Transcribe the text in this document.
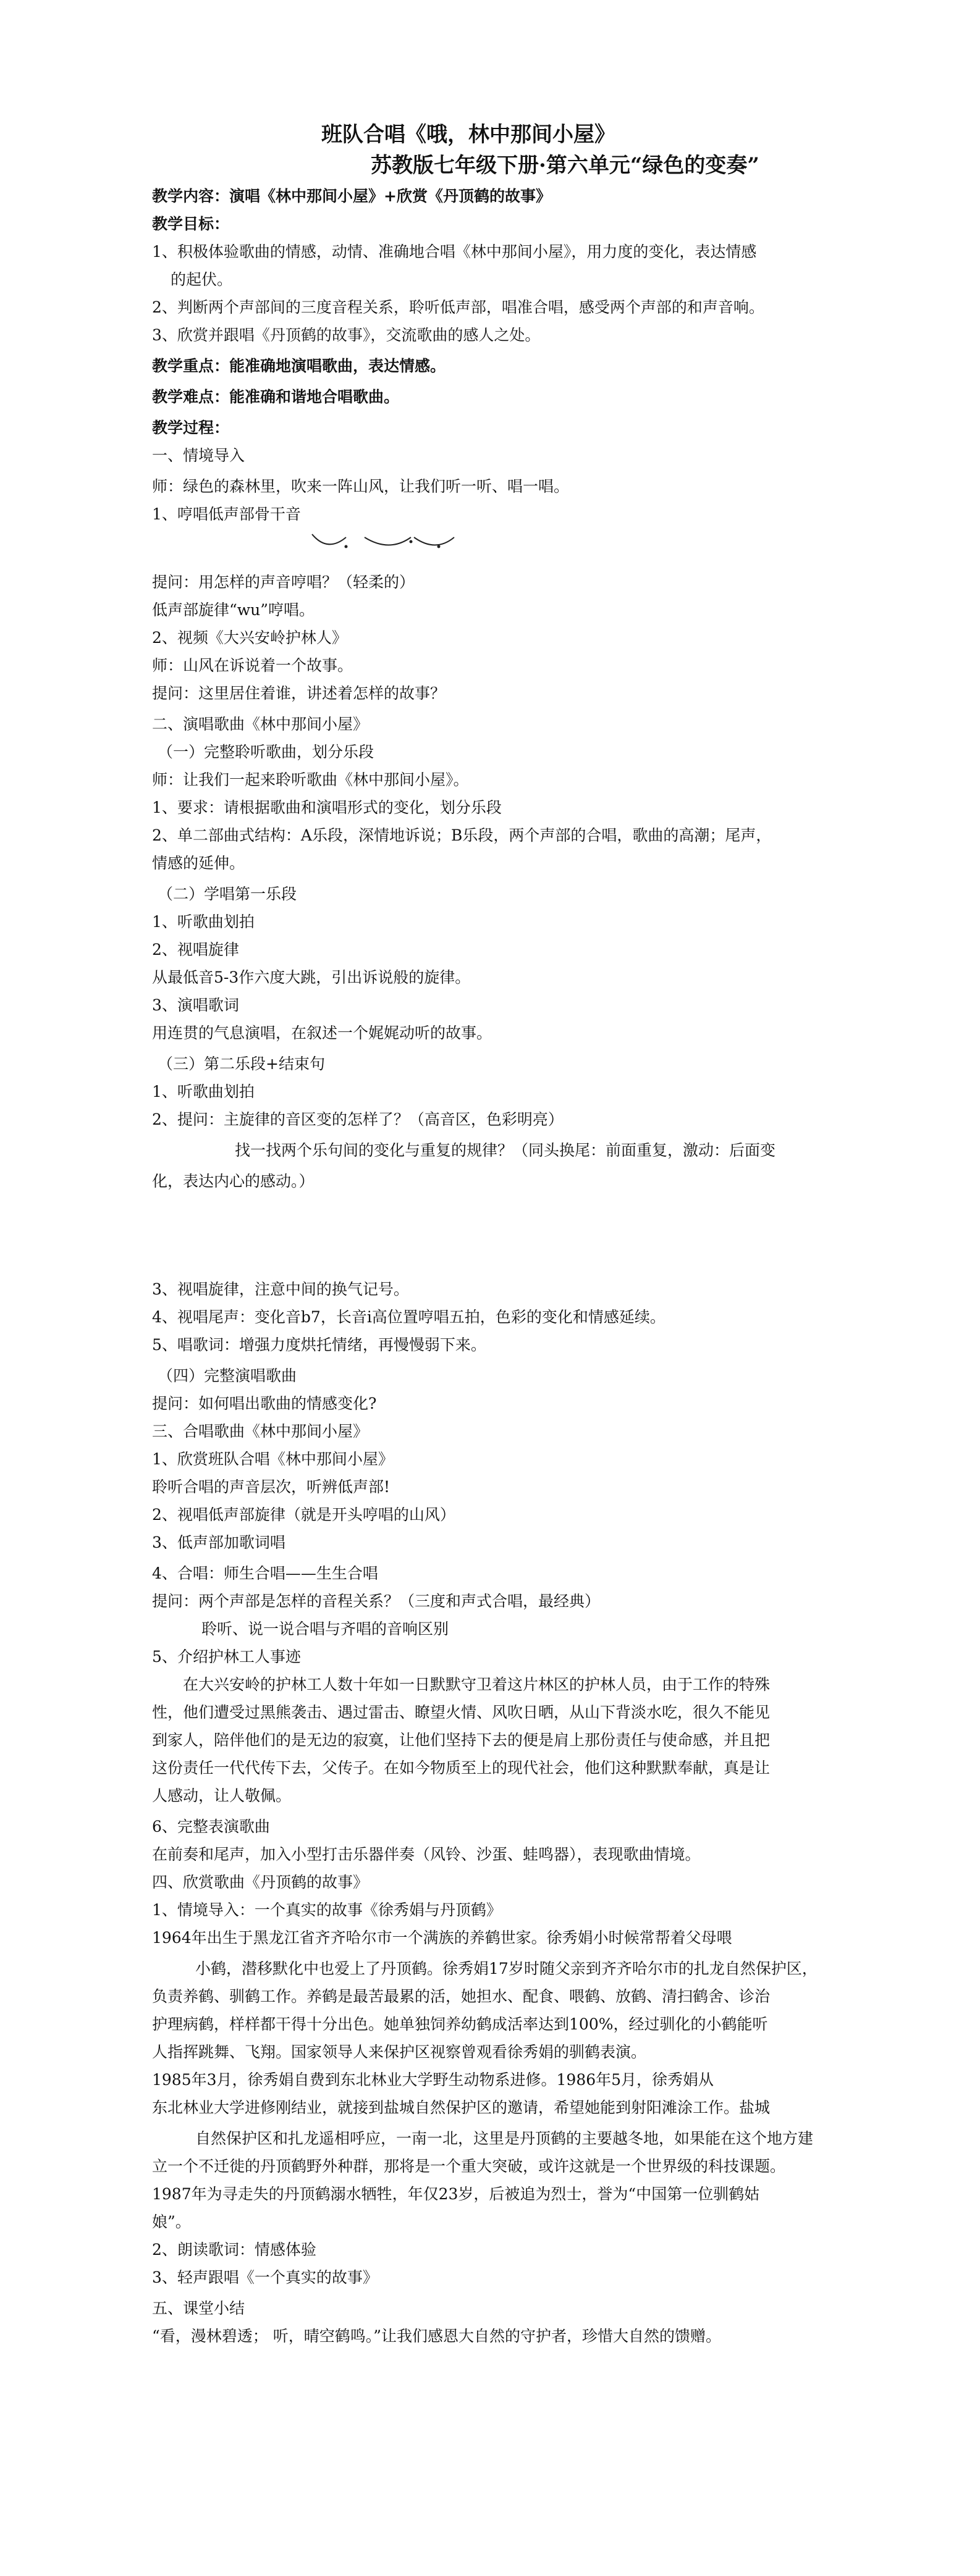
班队合唱《哦，林中那间小屋》
苏教版七年级下册·第六单元“绿色的变奏”
教学内容：演唱《林中那间小屋》+欣赏《丹顶鹤的故事》
教学目标：
1、积极体验歌曲的情感，动情、准确地合唱《林中那间小屋》，用力度的变化，表达情感
的起伏。
2、判断两个声部间的三度音程关系，聆听低声部，唱准合唱，感受两个声部的和声音响。
3、欣赏并跟唱《丹顶鹤的故事》，交流歌曲的感人之处。
教学重点：能准确地演唱歌曲，表达情感。
教学难点：能准确和谐地合唱歌曲。
教学过程：
一、情境导入
师：绿色的森林里，吹来一阵山风，让我们听一听、唱一唱。
1、哼唱低声部骨干音
提问：用怎样的声音哼唱？（轻柔的）
低声部旋律“wu”哼唱。
2、视频《大兴安岭护林人》
师：山风在诉说着一个故事。
提问：这里居住着谁，讲述着怎样的故事？
二、演唱歌曲《林中那间小屋》
（一）完整聆听歌曲，划分乐段
师：让我们一起来聆听歌曲《林中那间小屋》。
1、要求：请根据歌曲和演唱形式的变化，划分乐段
2、单二部曲式结构：A乐段，深情地诉说；B乐段，两个声部的合唱，歌曲的高潮；尾声，
情感的延伸。
（二）学唱第一乐段
1、听歌曲划拍
2、视唱旋律
从最低音5-3作六度大跳，引出诉说般的旋律。
3、演唱歌词
用连贯的气息演唱，在叙述一个娓娓动听的故事。
（三）第二乐段+结束句
1、听歌曲划拍
2、提问：主旋律的音区变的怎样了？（高音区，色彩明亮）
找一找两个乐句间的变化与重复的规律？（同头换尾：前面重复，激动：后面变
化，表达内心的感动。）
3、视唱旋律，注意中间的换气记号。
4、视唱尾声：变化音b7，长音i高位置哼唱五拍，色彩的变化和情感延续。
5、唱歌词：增强力度烘托情绪，再慢慢弱下来。
（四）完整演唱歌曲
提问：如何唱出歌曲的情感变化?
三、合唱歌曲《林中那间小屋》
1、欣赏班队合唱《林中那间小屋》
聆听合唱的声音层次，听辨低声部!
2、视唱低声部旋律（就是开头哼唱的山风）
3、低声部加歌词唱
4、合唱：师生合唱——生生合唱
提问：两个声部是怎样的音程关系？（三度和声式合唱，最经典）
聆听、说一说合唱与齐唱的音响区别
5、介绍护林工人事迹
在大兴安岭的护林工人数十年如一日默默守卫着这片林区的护林人员，由于工作的特殊
性，他们遭受过黑熊袭击、遇过雷击、瞭望火情、风吹日晒，从山下背淡水吃，很久不能见
到家人，陪伴他们的是无边的寂寞，让他们坚持下去的便是肩上那份责任与使命感，并且把
这份责任一代代传下去，父传子。在如今物质至上的现代社会，他们这种默默奉献，真是让
人感动，让人敬佩。
6、完整表演歌曲
在前奏和尾声，加入小型打击乐器伴奏（风铃、沙蛋、蛙鸣器），表现歌曲情境。
四、欣赏歌曲《丹顶鹤的故事》
1、情境导入：一个真实的故事《徐秀娟与丹顶鹤》
1964年出生于黑龙江省齐齐哈尔市一个满族的养鹤世家。徐秀娟小时候常帮着父母喂
小鹤，潜移默化中也爱上了丹顶鹤。徐秀娟17岁时随父亲到齐齐哈尔市的扎龙自然保护区，
负责养鹤、驯鹤工作。养鹤是最苦最累的活，她担水、配食、喂鹤、放鹤、清扫鹤舍、诊治
护理病鹤，样样都干得十分出色。她单独饲养幼鹤成活率达到100%，经过驯化的小鹤能听
人指挥跳舞、飞翔。国家领导人来保护区视察曾观看徐秀娟的驯鹤表演。
1985年3月，徐秀娟自费到东北林业大学野生动物系进修。1986年5月，徐秀娟从
东北林业大学进修刚结业，就接到盐城自然保护区的邀请，希望她能到射阳滩涂工作。盐城
自然保护区和扎龙遥相呼应，一南一北，这里是丹顶鹤的主要越冬地，如果能在这个地方建
立一个不迁徙的丹顶鹤野外种群，那将是一个重大突破，或许这就是一个世界级的科技课题。
1987年为寻走失的丹顶鹤溺水牺牲，年仅23岁，后被追为烈士，誉为“中国第一位驯鹤姑
娘”。
2、朗读歌词：情感体验
3、轻声跟唱《一个真实的故事》
五、课堂小结
“看，漫林碧透； 听，晴空鹤鸣。”让我们感恩大自然的守护者，珍惜大自然的馈赠。
